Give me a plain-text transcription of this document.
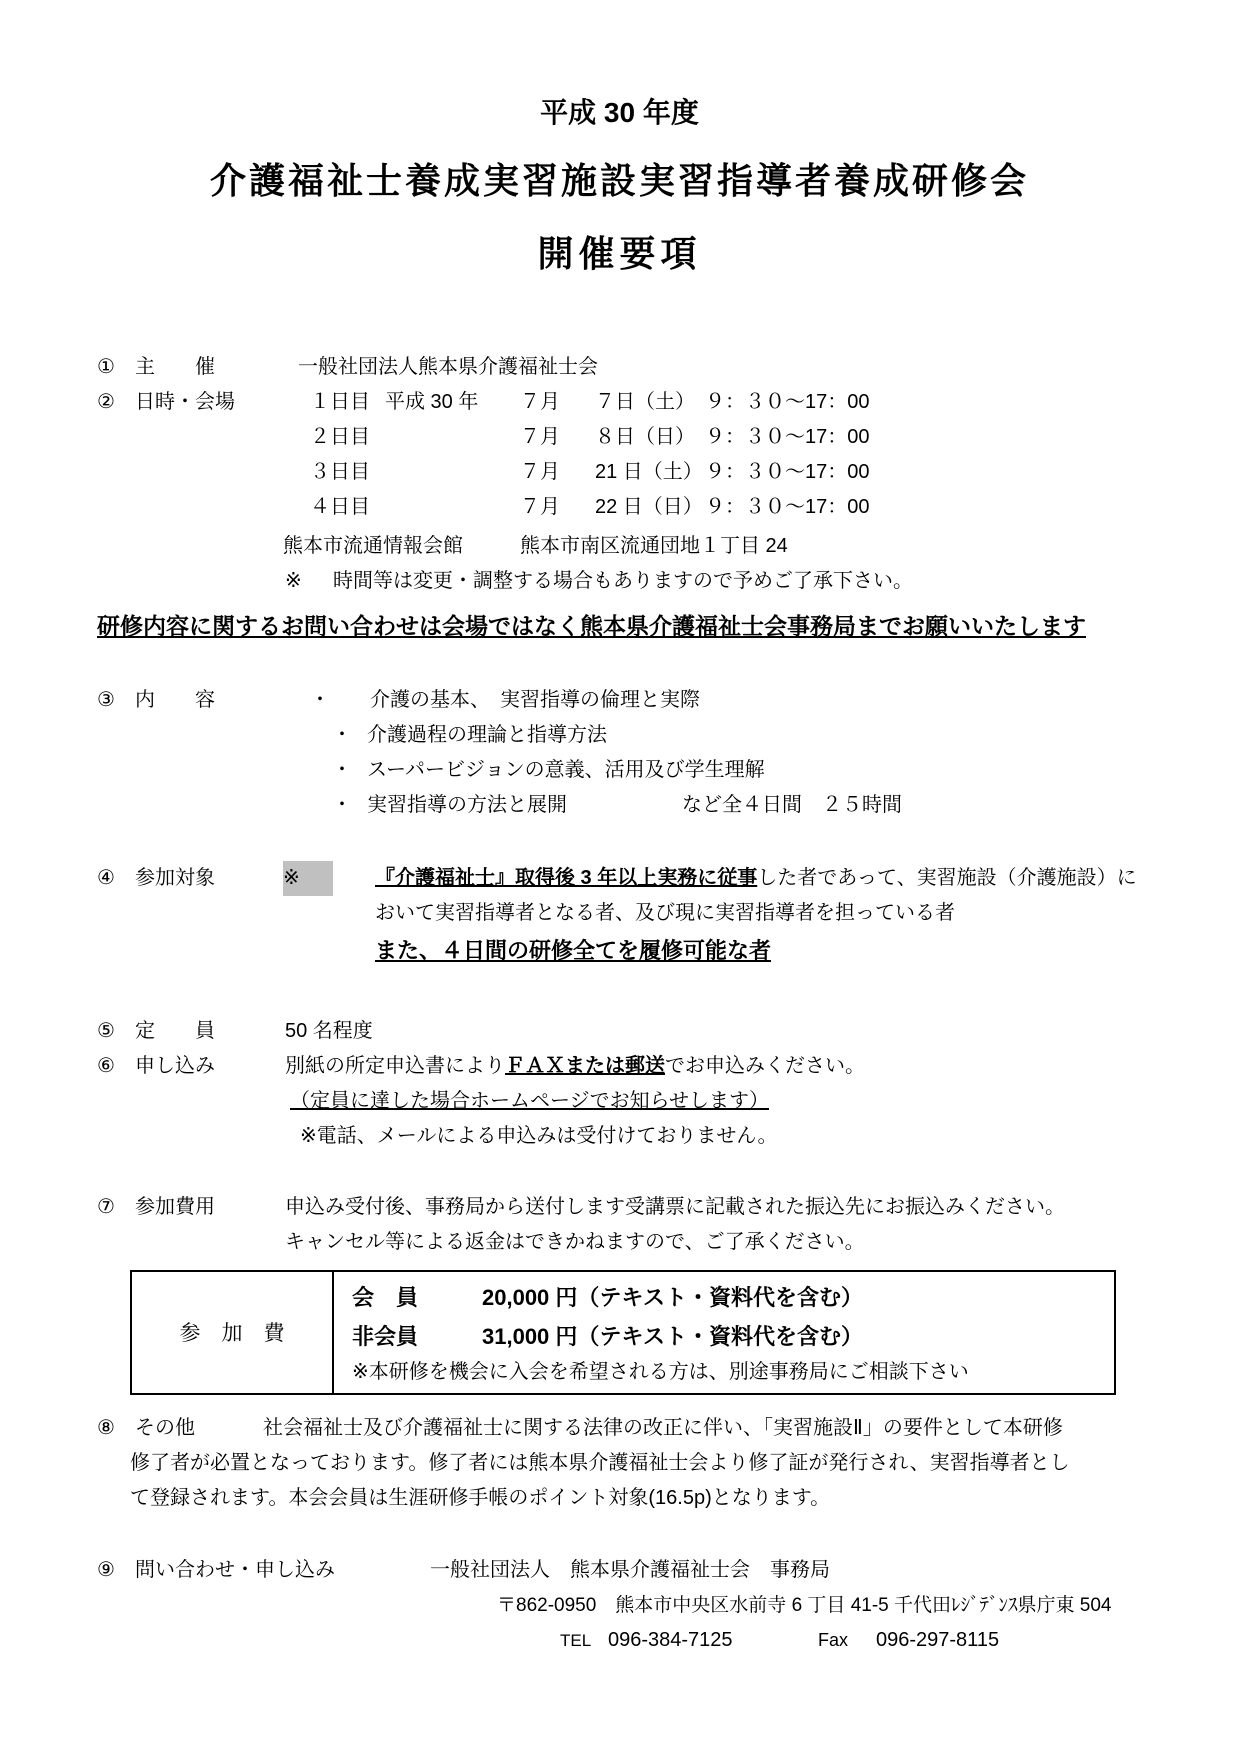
平成 30 年度
介護福祉士養成実習施設実習指導者養成研修会
開催要項
①	主　　催	一般社団法人熊本県介護福祉士会
②	日時・会場	１日目 平成 30 年	７月	７日（土） ９：３０～17：00
２日目	７月	８日（日） ９：３０～17：00
３日目	７月	21 日（土） ９：３０～17：00
４日目	７月	22 日（日） ９：３０～17：00
熊本市流通情報会館	熊本市南区流通団地１丁目 24
※	時間等は変更・調整する場合もありますので予めご了承下さい。
研修内容に関するお問い合わせは会場ではなく熊本県介護福祉士会事務局までお願いいたします
③	内　　容	・	介護の基本、　実習指導の倫理と実際
・ 介護過程の理論と指導方法
・ スーパービジョンの意義、活用及び学生理解
・ 実習指導の方法と展開	など全４日間　２５時間
④	参加対象	※	『介護福祉士』取得後 3 年以上実務に従事した者であって、実習施設（介護施設）に
おいて実習指導者となる者、及び現に実習指導者を担っている者
また、４日間の研修全てを履修可能な者
⑤	定　　員	50 名程度
⑥	申し込み	別紙の所定申込書によりＦＡＸまたは郵送でお申込みください。
（定員に達した場合ホームページでお知らせします）
※電話、メールによる申込みは受付けておりません。
⑦	参加費用	申込み受付後、事務局から送付します受講票に記載された振込先にお振込みください。
キャンセル等による返金はできかねますので、ご了承ください。
参　加　費
会　員	20,000 円（テキスト・資料代を含む）
非会員	31,000 円（テキスト・資料代を含む）
※本研修を機会に入会を希望される方は、別途事務局にご相談下さい
⑧	その他	社会福祉士及び介護福祉士に関する法律の改正に伴い、「実習施設Ⅱ」の要件として本研修
修了者が必置となっております。修了者には熊本県介護福祉士会より修了証が発行され、実習指導者とし
て登録されます。本会会員は生涯研修手帳のポイント対象(16.5p)となります。
⑨	問い合わせ・申し込み	一般社団法人　熊本県介護福祉士会　事務局
〒862-0950　熊本市中央区水前寺 6 丁目 41-5 千代田ﾚｼﾞﾃﾞﾝｽ県庁東 504
TEL 096-384-7125	Fax	096-297-8115
